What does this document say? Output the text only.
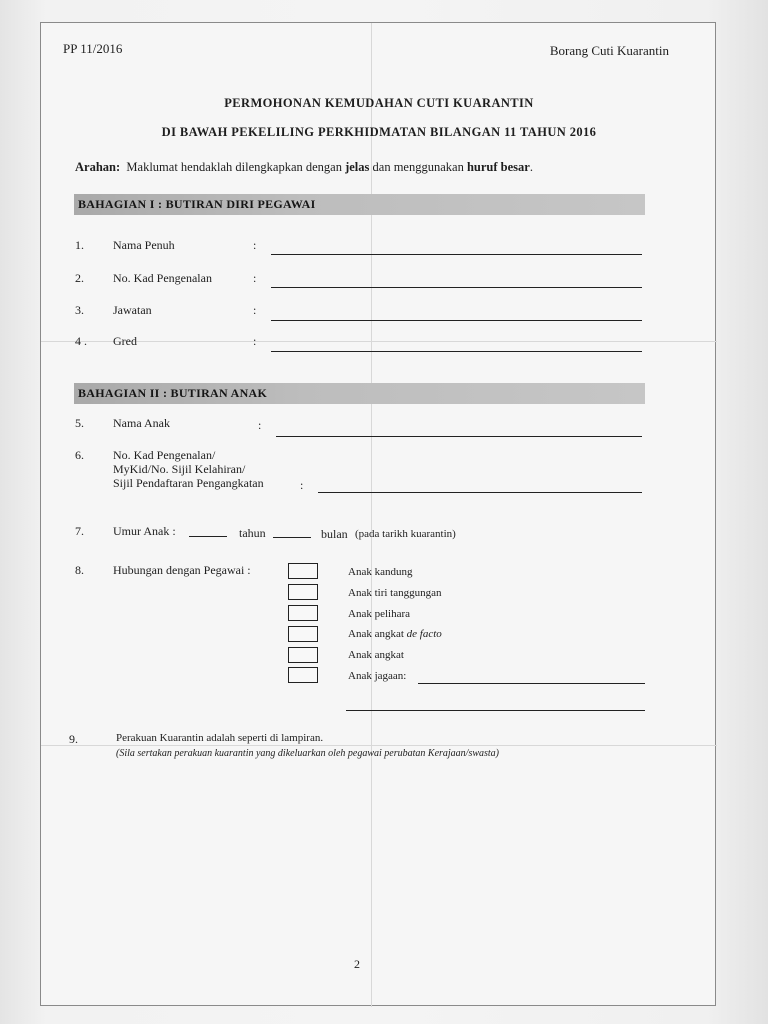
PP 11/2016	Borang Cuti Kuarantin
PERMOHONAN KEMUDAHAN CUTI KUARANTIN
DI BAWAH PEKELILING PERKHIDMATAN BILANGAN 11 TAHUN 2016
Arahan: Maklumat hendaklah dilengkapkan dengan jelas dan menggunakan huruf besar.
BAHAGIAN I : BUTIRAN DIRI PEGAWAI
1. Nama Penuh	:
2. No. Kad Pengenalan	:
3. Jawatan	:
4 . Gred	:
BAHAGIAN II : BUTIRAN ANAK
5. Nama Anak	:
6. No. Kad Pengenalan/
MyKid/No. Sijil Kelahiran/
Sijil Pendaftaran Pengangkatan	:
7. Umur Anak :	tahun	bulan (pada tarikh kuarantin)
8. Hubungan dengan Pegawai :	Anak kandung
Anak tiri tanggungan
Anak pelihara
Anak angkat de facto
Anak angkat
Anak jagaan:
9.	Perakuan Kuarantin adalah seperti di lampiran.
(Sila sertakan perakuan kuarantin yang dikeluarkan oleh pegawai perubatan Kerajaan/swasta)
2
